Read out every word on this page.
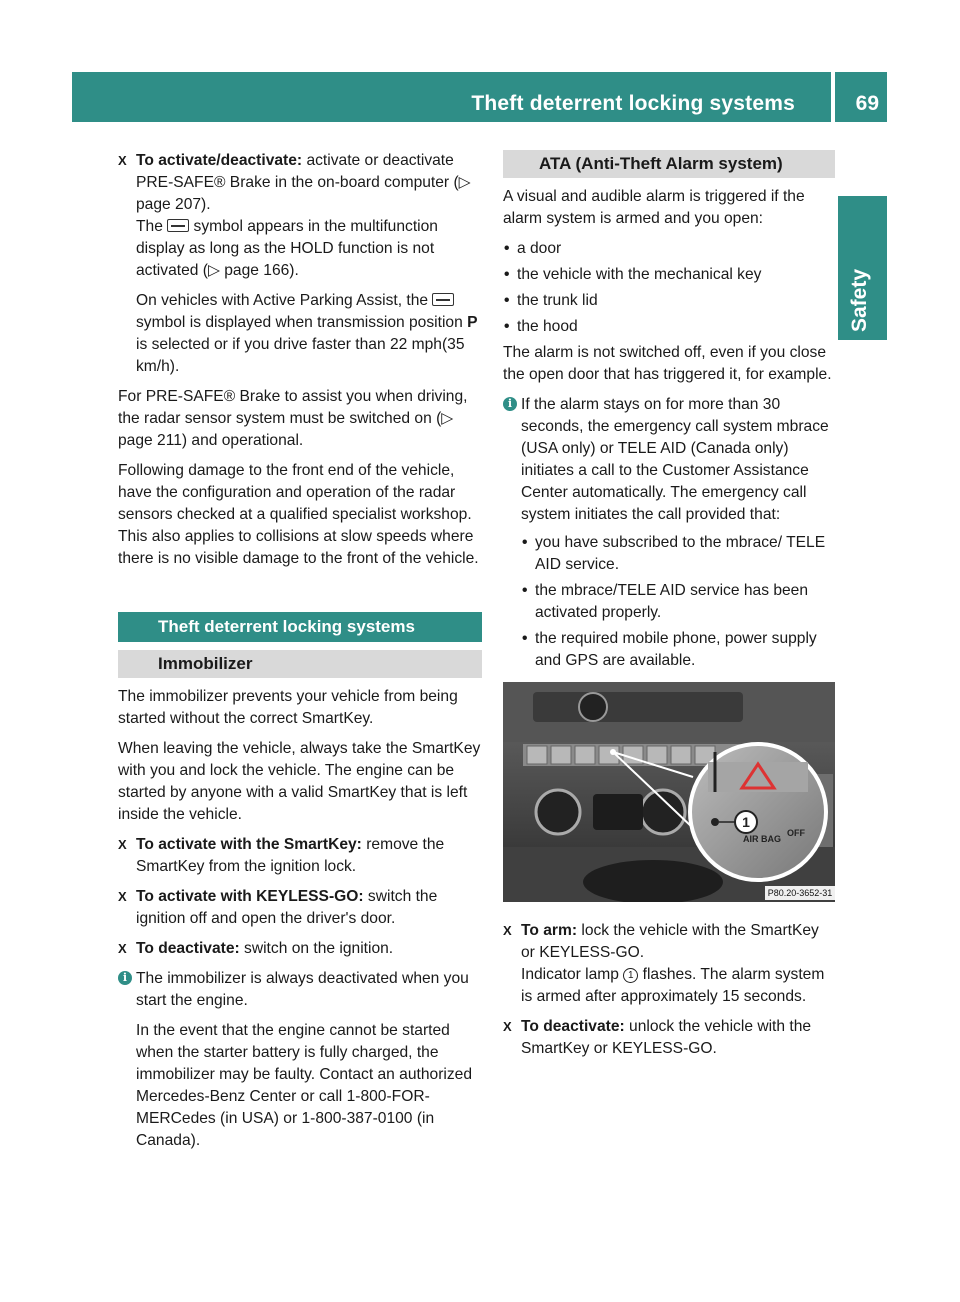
Theft deterrent locking systems	69
Safety
X To activate/deactivate: activate or deactivate PRE-SAFE® Brake in the on-board computer (▷ page 207).
The  symbol appears in the multifunction display as long as the HOLD function is not activated (▷ page 166).
On vehicles with Active Parking Assist, the  symbol is displayed when transmission position P is selected or if you drive faster than 22 mph(35 km/h).

For PRE-SAFE® Brake to assist you when driving, the radar sensor system must be switched on (▷ page 211) and operational.

Following damage to the front end of the vehicle, have the configuration and operation of the radar sensors checked at a qualified specialist workshop. This also applies to collisions at slow speeds where there is no visible damage to the front of the vehicle.

Theft deterrent locking systems
Immobilizer

The immobilizer prevents your vehicle from being started without the correct SmartKey.

When leaving the vehicle, always take the SmartKey with you and lock the vehicle. The engine can be started by anyone with a valid SmartKey that is left inside the vehicle.

X To activate with the SmartKey: remove the SmartKey from the ignition lock.
X To activate with KEYLESS-GO: switch the ignition off and open the driver's door.
X To deactivate: switch on the ignition.
i The immobilizer is always deactivated when you start the engine.

In the event that the engine cannot be started when the starter battery is fully charged, the immobilizer may be faulty. Contact an authorized Mercedes-Benz Center or call 1-800-FOR-MERCedes (in USA) or 1-800-387-0100 (in Canada).

ATA (Anti-Theft Alarm system)

A visual and audible alarm is triggered if the alarm system is armed and you open:

• a door
• the vehicle with the mechanical key
• the trunk lid
• the hood

The alarm is not switched off, even if you close the open door that has triggered it, for example.

i If the alarm stays on for more than 30 seconds, the emergency call system mbrace (USA only) or TELE AID (Canada only) initiates a call to the Customer Assistance Center automatically. The emergency call system initiates the call provided that:

• you have subscribed to the mbrace/ TELE AID service.
• the mbrace/TELE AID service has been activated properly.
• the required mobile phone, power supply and GPS are available.
1
AIR BAG
OFF
P80.20-3652-31
X To arm: lock the vehicle with the SmartKey or KEYLESS-GO.
Indicator lamp 1 flashes. The alarm system is armed after approximately 15 seconds.
X To deactivate: unlock the vehicle with the SmartKey or KEYLESS-GO.
